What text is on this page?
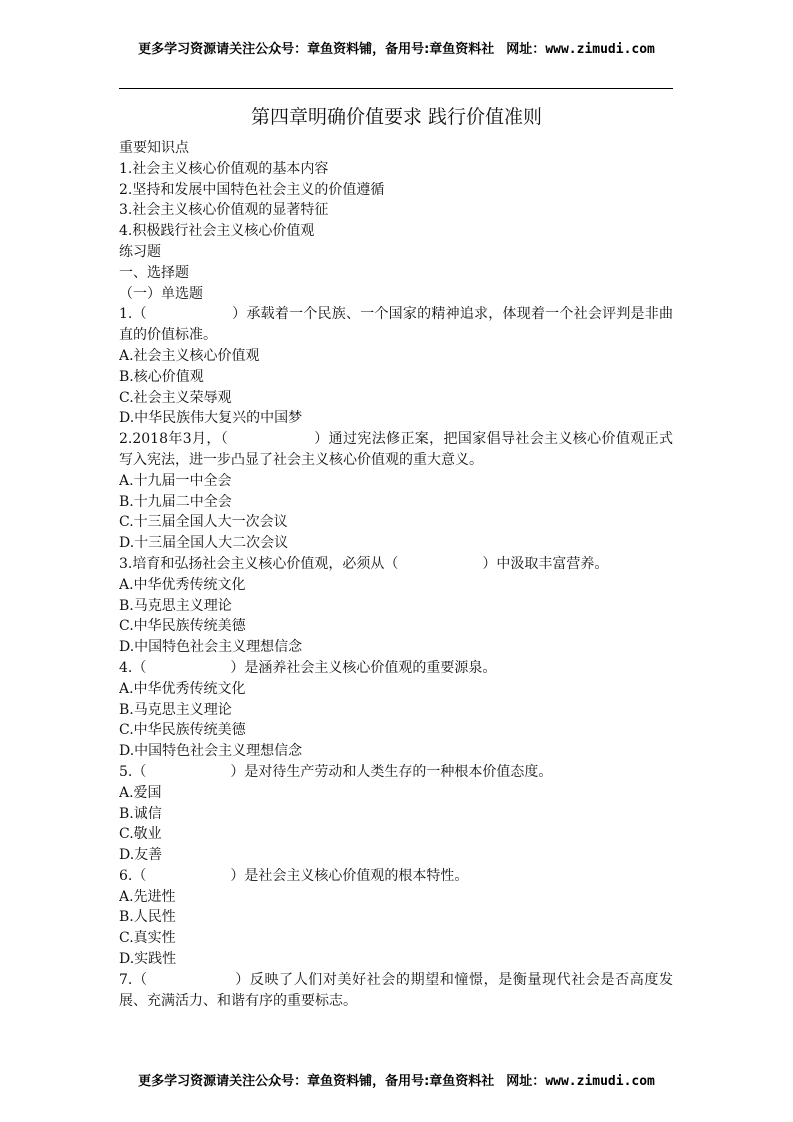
更多学习资源请关注公众号：章鱼资料铺，备用号:章鱼资料社 网址：www.zimudi.com
第四章明确价值要求 践行价值准则
重要知识点
1.社会主义核心价值观的基本内容
2.坚持和发展中国特色社会主义的价值遵循
3.社会主义核心价值观的显著特征
4.积极践行社会主义核心价值观
练习题
一、选择题
（一）单选题
1.（　　　　　　）承载着一个民族、一个国家的精神追求，体现着一个社会评判是非曲直的价值标准。
A.社会主义核心价值观
B.核心价值观
C.社会主义荣辱观
D.中华民族伟大复兴的中国梦
2.2018年3月，（　　　　　　）通过宪法修正案，把国家倡导社会主义核心价值观正式写入宪法，进一步凸显了社会主义核心价值观的重大意义。
A.十九届一中全会
B.十九届二中全会
C.十三届全国人大一次会议
D.十三届全国人大二次会议
3.培育和弘扬社会主义核心价值观，必须从（　　　　　　）中汲取丰富营养。
A.中华优秀传统文化
B.马克思主义理论
C.中华民族传统美德
D.中国特色社会主义理想信念
4.（　　　　　　）是涵养社会主义核心价值观的重要源泉。
A.中华优秀传统文化
B.马克思主义理论
C.中华民族传统美德
D.中国特色社会主义理想信念
5.（　　　　　　）是对待生产劳动和人类生存的一种根本价值态度。
A.爱国
B.诚信
C.敬业
D.友善
6.（　　　　　　）是社会主义核心价值观的根本特性。
A.先进性
B.人民性
C.真实性
D.实践性
7.（　　　　　　）反映了人们对美好社会的期望和憧憬，是衡量现代社会是否高度发展、充满活力、和谐有序的重要标志。
更多学习资源请关注公众号：章鱼资料铺，备用号:章鱼资料社 网址：www.zimudi.com
